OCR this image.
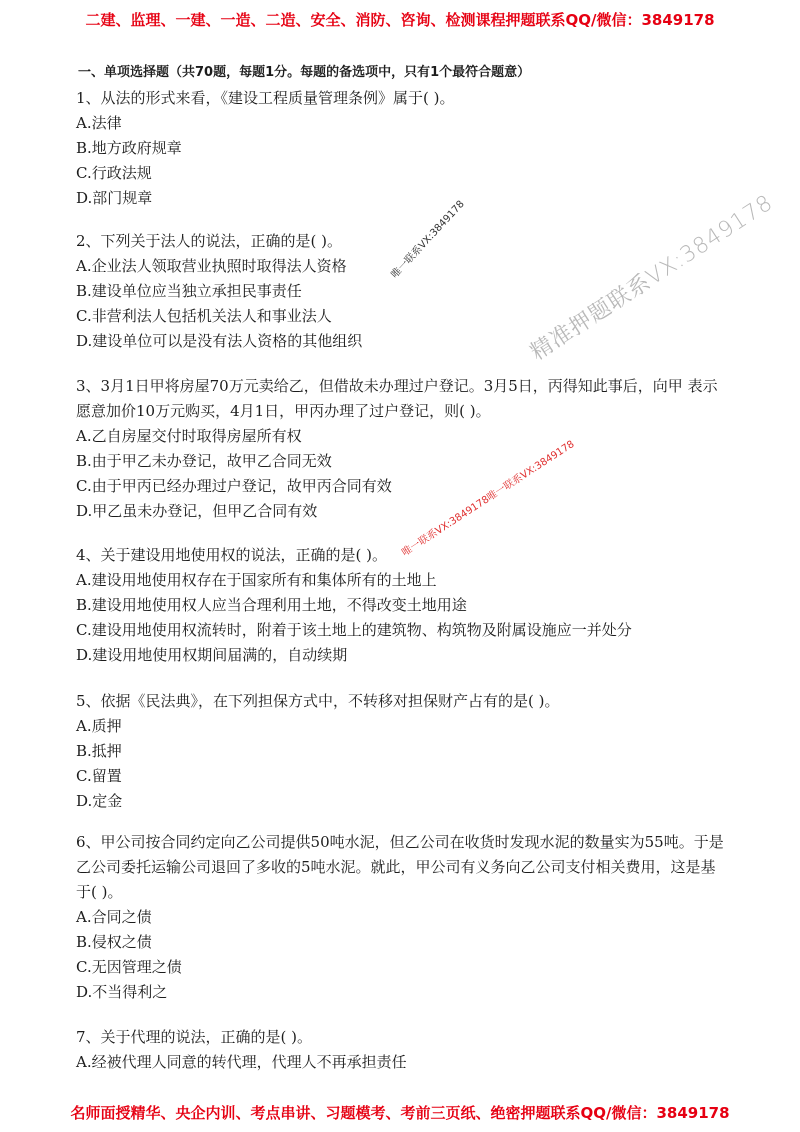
二建、监理、一建、一造、二造、安全、消防、咨询、检测课程押题联系QQ/微信：3849178
一、单项选择题（共70题，每题1分。每题的备选项中，只有1个最符合题意）
1、从法的形式来看，《建设工程质量管理条例》属于( )。
A.法律
B.地方政府规章
C.行政法规
D.部门规章
2、下列关于法人的说法，正确的是( )。
A.企业法人领取营业执照时取得法人资格
B.建设单位应当独立承担民事责任
C.非营利法人包括机关法人和事业法人
D.建设单位可以是没有法人资格的其他组织
3、3月1日甲将房屋70万元卖给乙，但借故未办理过户登记。3月5日，丙得知此事后，向甲 表示愿意加价10万元购买，4月1日，甲丙办理了过户登记，则( )。
A.乙自房屋交付时取得房屋所有权
B.由于甲乙未办登记，故甲乙合同无效
C.由于甲丙已经办理过户登记，故甲丙合同有效
D.甲乙虽未办登记，但甲乙合同有效
4、关于建设用地使用权的说法，正确的是( )。
A.建设用地使用权存在于国家所有和集体所有的土地上
B.建设用地使用权人应当合理利用土地，不得改变土地用途
C.建设用地使用权流转时，附着于该土地上的建筑物、构筑物及附属设施应一并处分
D.建设用地使用权期间届满的，自动续期
5、依据《民法典》，在下列担保方式中，不转移对担保财产占有的是( )。
A.质押
B.抵押
C.留置
D.定金
6、甲公司按合同约定向乙公司提供50吨水泥，但乙公司在收货时发现水泥的数量实为55吨。于是乙公司委托运输公司退回了多收的5吨水泥。就此，甲公司有义务向乙公司支付相关费用，这是基于( )。
A.合同之债
B.侵权之债
C.无因管理之债
D.不当得利之
7、关于代理的说法，正确的是( )。
A.经被代理人同意的转代理，代理人不再承担责任
唯一联系VX:3849178	精准押题联系VX:3849178
唯一联系VX:3849178唯一联系VX:3849178
名师面授精华、央企内训、考点串讲、习题模考、考前三页纸、绝密押题联系QQ/微信：3849178
